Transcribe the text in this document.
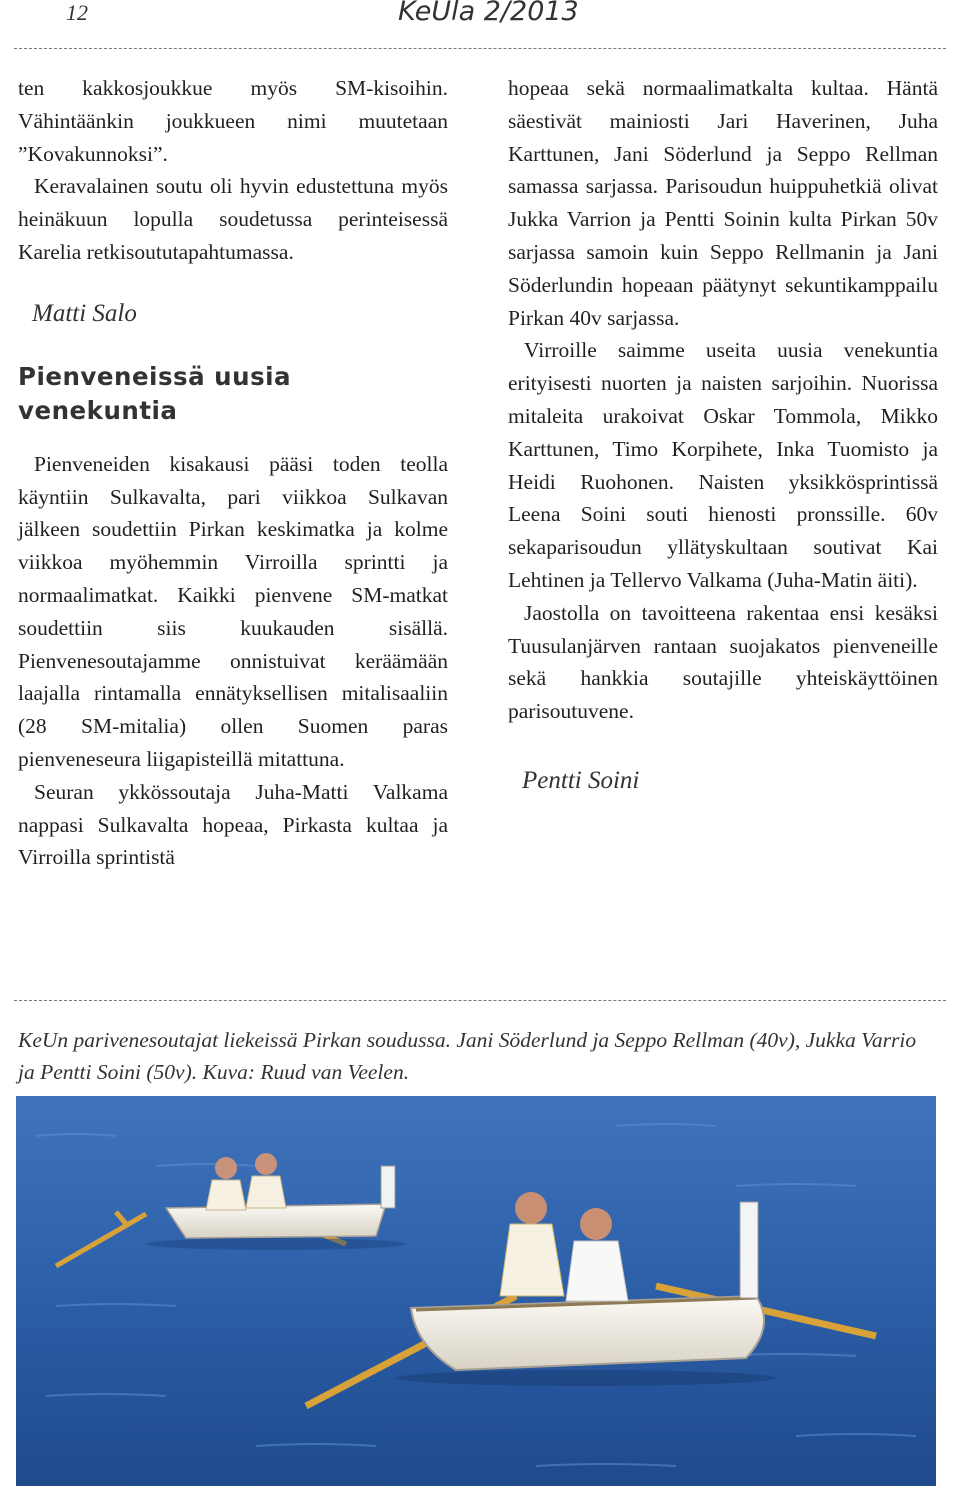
12	KeUla 2/2013

ten kakkosjoukkue myös SM-kisoihin. Vähintäänkin joukkueen nimi muutetaan ”Kovakunnoksi”.

Keravalainen soutu oli hyvin edustettuna myös heinäkuun lopulla soudetussa perinteisessä Karelia retkisoututapahtumassa.

Matti Salo
Pienveneissä uusia venekuntia

Pienveneiden kisakausi pääsi toden teolla käyntiin Sulkavalta, pari viikkoa Sulkavan jälkeen soudettiin Pirkan keskimatka ja kolme viikkoa myöhemmin Virroilla sprintti ja normaalimatkat. Kaikki pienvene SM-matkat soudettiin siis kuukauden sisällä. Pienvenesoutajamme onnistuivat keräämään laajalla rintamalla ennätyksellisen mitalisaaliin (28 SM-mitalia) ollen Suomen paras pienveneseura liigapisteillä mitattuna.

Seuran ykkössoutaja Juha-Matti Valkama nappasi Sulkavalta hopeaa, Pirkasta kultaa ja Virroilla sprintistä

hopeaa sekä normaalimatkalta kultaa. Häntä säestivät mainiosti Jari Haverinen, Juha Karttunen, Jani Söderlund ja Seppo Rellman samassa sarjassa. Parisoudun huippuhetkiä olivat Jukka Varrion ja Pentti Soinin kulta Pirkan 50v sarjassa samoin kuin Seppo Rellmanin ja Jani Söderlundin hopeaan päätynyt sekuntikamppailu Pirkan 40v sarjassa.

Virroille saimme useita uusia venekuntia erityisesti nuorten ja naisten sarjoihin. Nuorissa mitaleita urakoivat Oskar Tommola, Mikko Karttunen, Timo Korpihete, Inka Tuomisto ja Heidi Ruohonen. Naisten yksikkösprintissä Leena Soini souti hienosti pronssille. 60v sekaparisoudun yllätyskultaan soutivat Kai Lehtinen ja Tellervo Valkama (Juha-Matin äiti).

Jaostolla on tavoitteena rakentaa ensi kesäksi Tuusulanjärven rantaan suojakatos pienveneille sekä hankkia soutajille yhteiskäyttöinen parisoutuvene.

Pentti Soini
KeUn parivenesoutajat liekeissä Pirkan soudussa. Jani Söderlund ja Seppo Rellman (40v), Jukka Varrio ja Pentti Soini (50v). Kuva: Ruud van Veelen.
